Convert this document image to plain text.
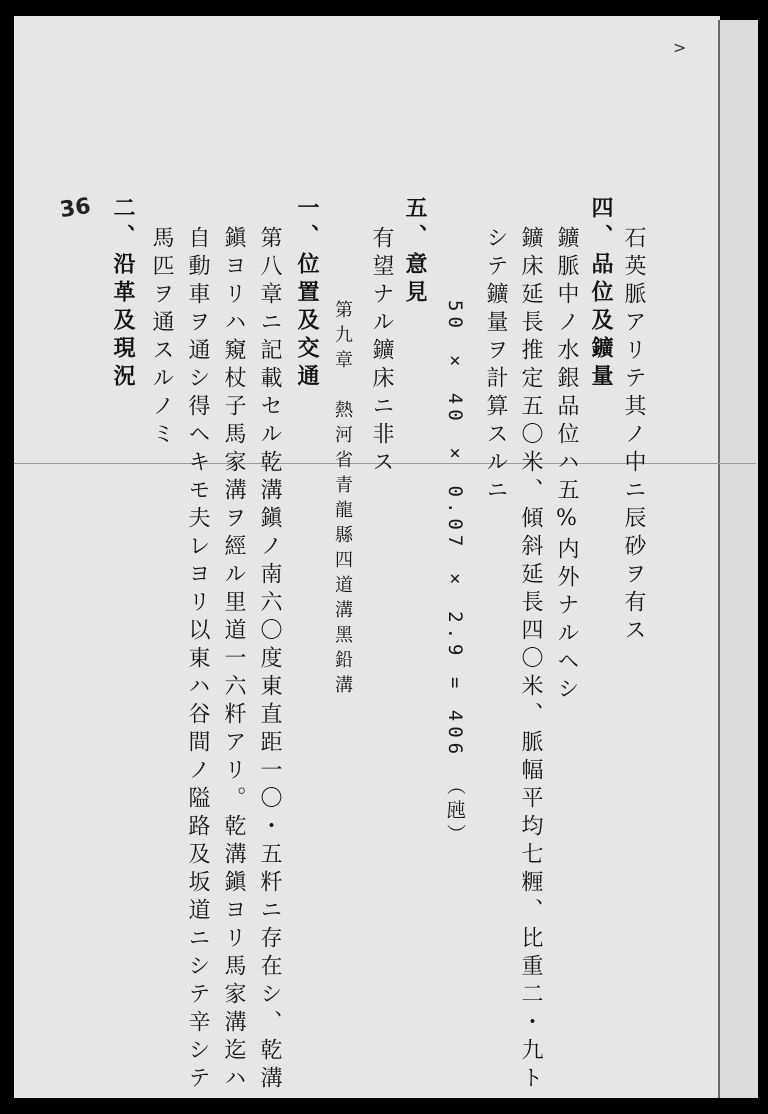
>
石英脈アリテ其ノ中ニ辰砂ヲ有ス
四、品位及鑛量
鑛脈中ノ水銀品位ハ五%内外ナルヘシ
鑛床延長推定五〇米、傾斜延長四〇米、脈幅平均七糎、比重二・九ト
シテ鑛量ヲ計算スルニ
50 × 40 × 0.07 × 2.9 = 406 （瓲）
五、意見
有望ナル鑛床ニ非ス
第九章　熱河省青龍縣四道溝黑鉛溝
一、位置及交通
第八章ニ記載セル乾溝鎭ノ南六〇度東直距一〇・五粁ニ存在シ、乾溝
鎭ヨリハ窺杖子馬家溝ヲ經ル里道一六粁アリ。乾溝鎭ヨリ馬家溝迄ハ
自動車ヲ通シ得ヘキモ夫レヨリ以東ハ谷間ノ隘路及坂道ニシテ辛シテ
馬匹ヲ通スルノミ
二、沿革及現況
36
